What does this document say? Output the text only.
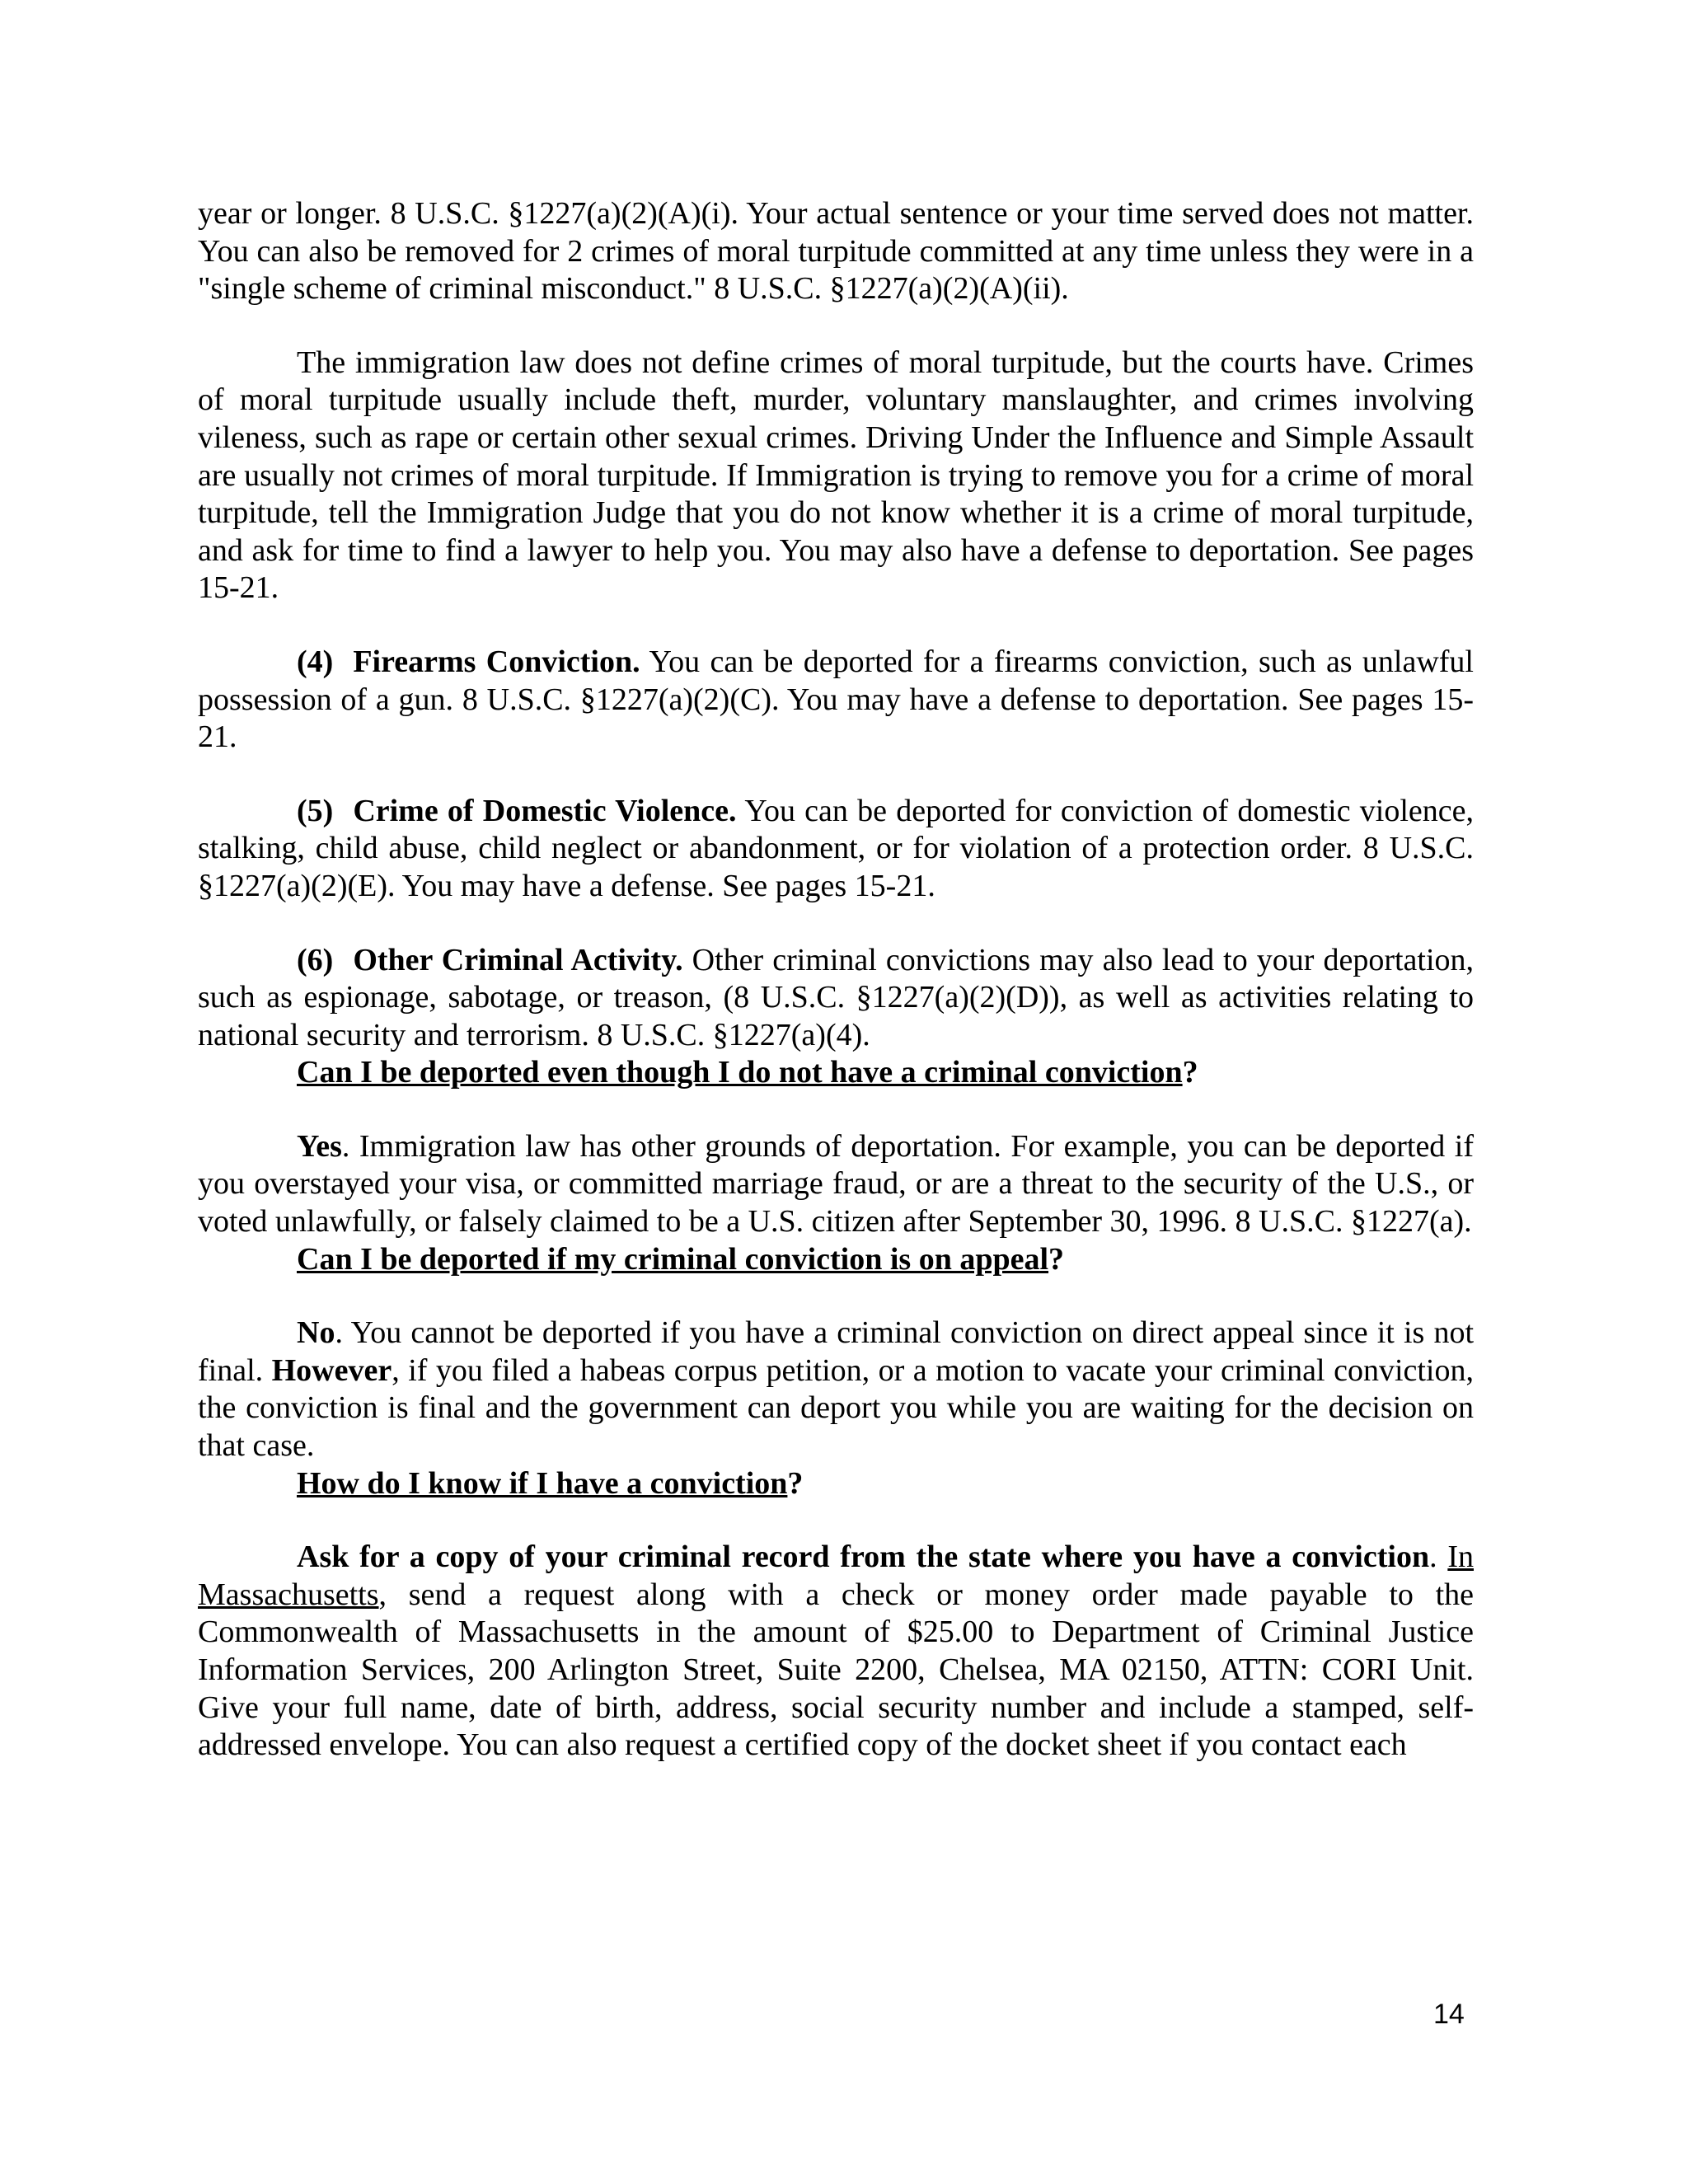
year or longer. 8 U.S.C. §1227(a)(2)(A)(i). Your actual sentence or your time served does not matter. You can also be removed for 2 crimes of moral turpitude committed at any time unless they were in a "single scheme of criminal misconduct." 8 U.S.C. §1227(a)(2)(A)(ii).

The immigration law does not define crimes of moral turpitude, but the courts have. Crimes of moral turpitude usually include theft, murder, voluntary manslaughter, and crimes involving vileness, such as rape or certain other sexual crimes. Driving Under the Influence and Simple Assault are usually not crimes of moral turpitude. If Immigration is trying to remove you for a crime of moral turpitude, tell the Immigration Judge that you do not know whether it is a crime of moral turpitude, and ask for time to find a lawyer to help you. You may also have a defense to deportation. See pages 15-21.

(4) Firearms Conviction. You can be deported for a firearms conviction, such as unlawful possession of a gun. 8 U.S.C. §1227(a)(2)(C). You may have a defense to deportation. See pages 15-21.

(5) Crime of Domestic Violence. You can be deported for conviction of domestic violence, stalking, child abuse, child neglect or abandonment, or for violation of a protection order. 8 U.S.C. §1227(a)(2)(E). You may have a defense. See pages 15-21.

(6) Other Criminal Activity. Other criminal convictions may also lead to your deportation, such as espionage, sabotage, or treason, (8 U.S.C. §1227(a)(2)(D)), as well as activities relating to national security and terrorism. 8 U.S.C. §1227(a)(4).

Can I be deported even though I do not have a criminal conviction?

Yes. Immigration law has other grounds of deportation. For example, you can be deported if you overstayed your visa, or committed marriage fraud, or are a threat to the security of the U.S., or voted unlawfully, or falsely claimed to be a U.S. citizen after September 30, 1996. 8 U.S.C. §1227(a).

Can I be deported if my criminal conviction is on appeal?

No. You cannot be deported if you have a criminal conviction on direct appeal since it is not final. However, if you filed a habeas corpus petition, or a motion to vacate your criminal conviction, the conviction is final and the government can deport you while you are waiting for the decision on that case.

How do I know if I have a conviction?

Ask for a copy of your criminal record from the state where you have a conviction. In Massachusetts, send a request along with a check or money order made payable to the Commonwealth of Massachusetts in the amount of $25.00 to Department of Criminal Justice Information Services, 200 Arlington Street, Suite 2200, Chelsea, MA 02150, ATTN: CORI Unit. Give your full name, date of birth, address, social security number and include a stamped, self-addressed envelope. You can also request a certified copy of the docket sheet if you contact each

14
